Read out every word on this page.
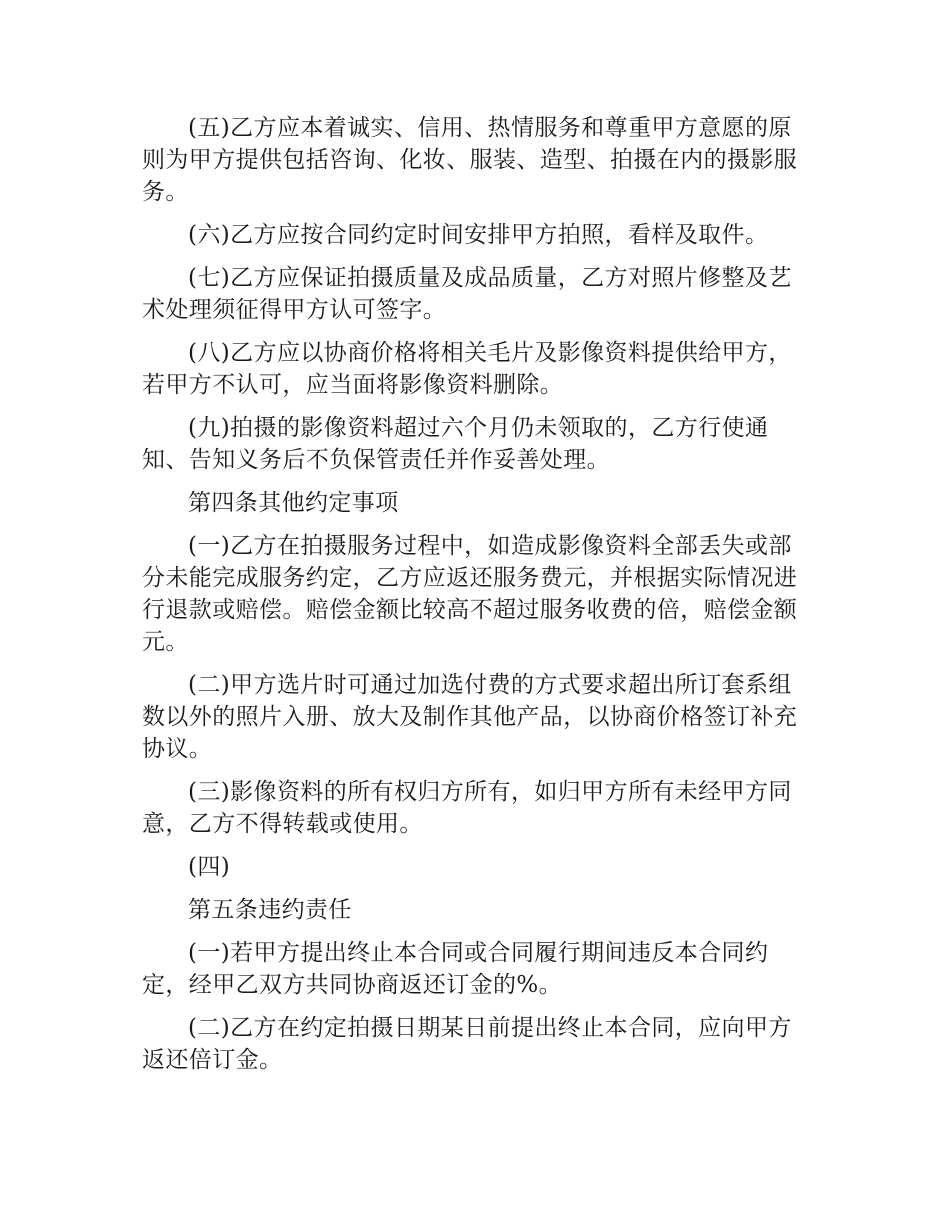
(五)乙方应本着诚实、信用、热情服务和尊重甲方意愿的原则为甲方提供包括咨询、化妆、服装、造型、拍摄在内的摄影服务。

(六)乙方应按合同约定时间安排甲方拍照，看样及取件。

(七)乙方应保证拍摄质量及成品质量，乙方对照片修整及艺术处理须征得甲方认可签字。

(八)乙方应以协商价格将相关毛片及影像资料提供给甲方，若甲方不认可，应当面将影像资料删除。

(九)拍摄的影像资料超过六个月仍未领取的，乙方行使通知、告知义务后不负保管责任并作妥善处理。

第四条其他约定事项

(一)乙方在拍摄服务过程中，如造成影像资料全部丢失或部分未能完成服务约定，乙方应返还服务费元，并根据实际情况进行退款或赔偿。赔偿金额比较高不超过服务收费的倍，赔偿金额元。

(二)甲方选片时可通过加选付费的方式要求超出所订套系组数以外的照片入册、放大及制作其他产品，以协商价格签订补充协议。

(三)影像资料的所有权归方所有，如归甲方所有未经甲方同意，乙方不得转载或使用。

(四)

第五条违约责任

(一)若甲方提出终止本合同或合同履行期间违反本合同约定，经甲乙双方共同协商返还订金的%。

(二)乙方在约定拍摄日期某日前提出终止本合同，应向甲方返还倍订金。
